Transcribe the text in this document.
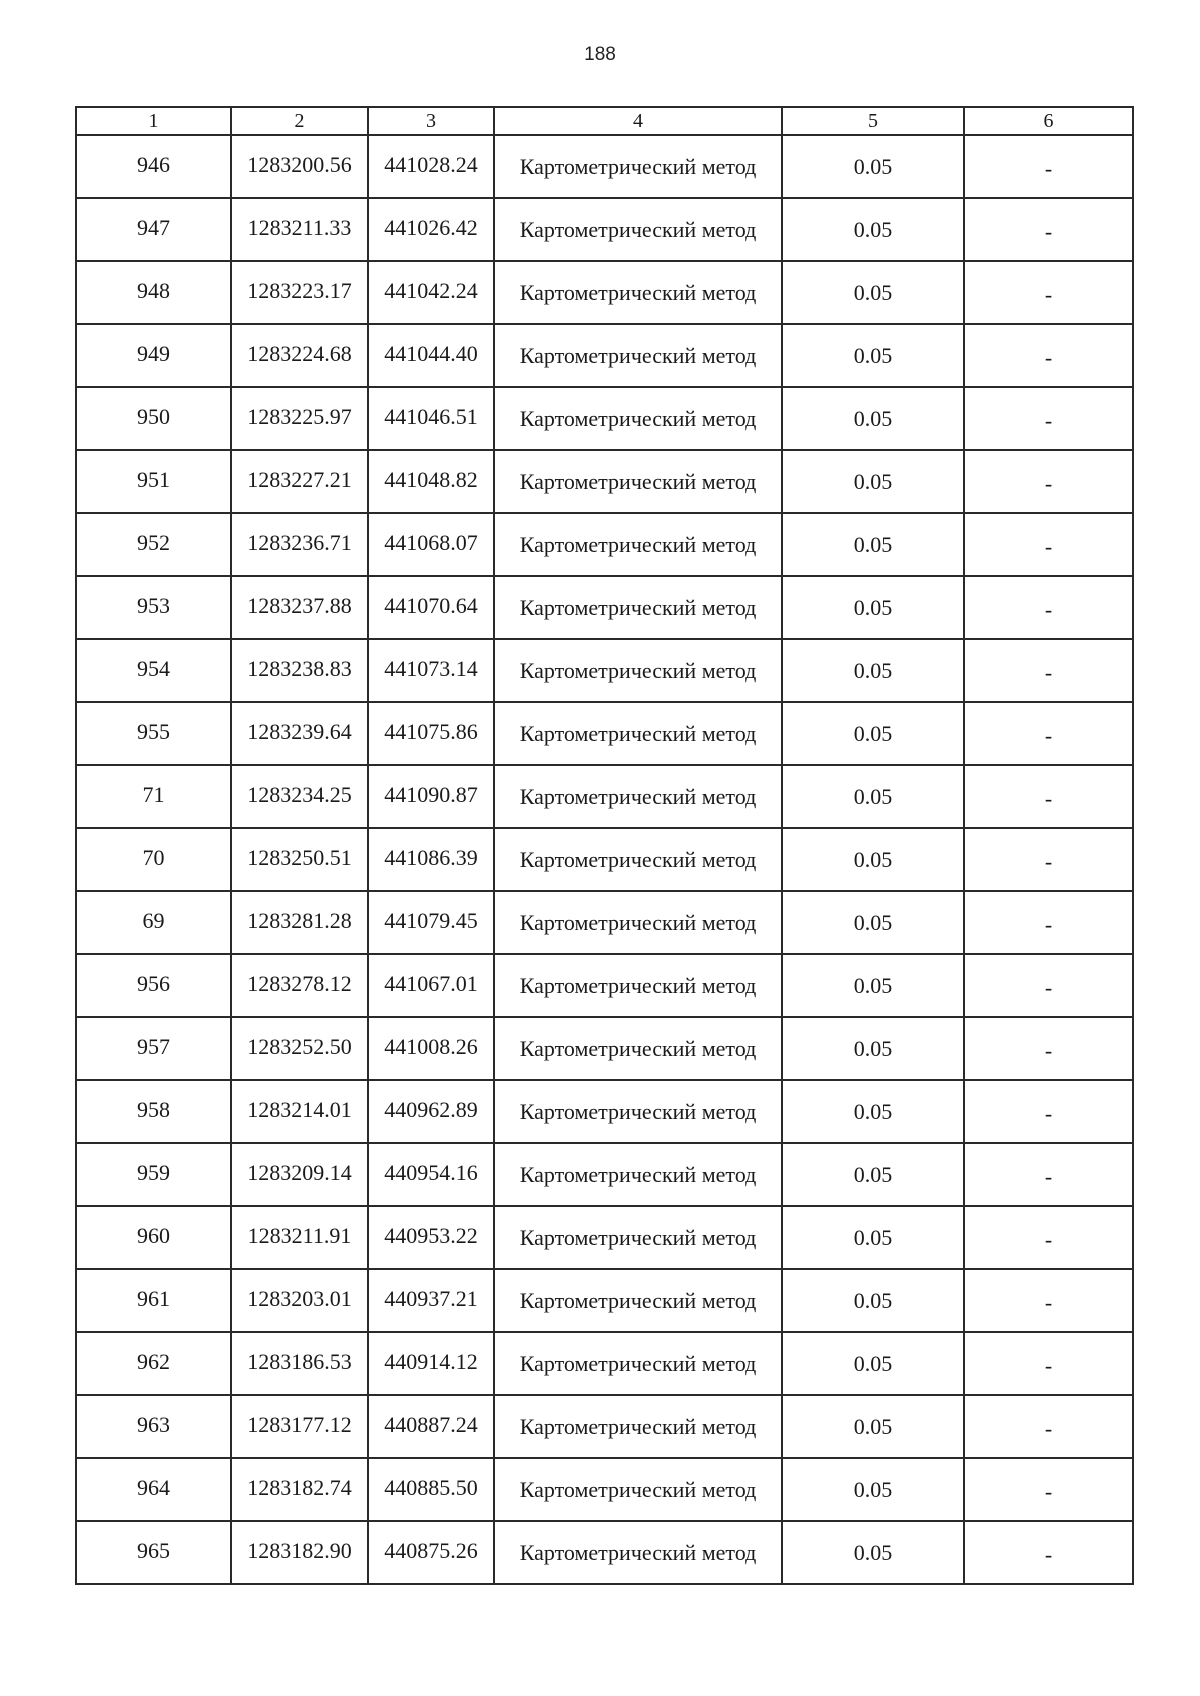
188
1	2	3	4	5	6
946	1283200.56	441028.24	Картометрический метод	0.05	-
947	1283211.33	441026.42	Картометрический метод	0.05	-
948	1283223.17	441042.24	Картометрический метод	0.05	-
949	1283224.68	441044.40	Картометрический метод	0.05	-
950	1283225.97	441046.51	Картометрический метод	0.05	-
951	1283227.21	441048.82	Картометрический метод	0.05	-
952	1283236.71	441068.07	Картометрический метод	0.05	-
953	1283237.88	441070.64	Картометрический метод	0.05	-
954	1283238.83	441073.14	Картометрический метод	0.05	-
955	1283239.64	441075.86	Картометрический метод	0.05	-
71	1283234.25	441090.87	Картометрический метод	0.05	-
70	1283250.51	441086.39	Картометрический метод	0.05	-
69	1283281.28	441079.45	Картометрический метод	0.05	-
956	1283278.12	441067.01	Картометрический метод	0.05	-
957	1283252.50	441008.26	Картометрический метод	0.05	-
958	1283214.01	440962.89	Картометрический метод	0.05	-
959	1283209.14	440954.16	Картометрический метод	0.05	-
960	1283211.91	440953.22	Картометрический метод	0.05	-
961	1283203.01	440937.21	Картометрический метод	0.05	-
962	1283186.53	440914.12	Картометрический метод	0.05	-
963	1283177.12	440887.24	Картометрический метод	0.05	-
964	1283182.74	440885.50	Картометрический метод	0.05	-
965	1283182.90	440875.26	Картометрический метод	0.05	-
